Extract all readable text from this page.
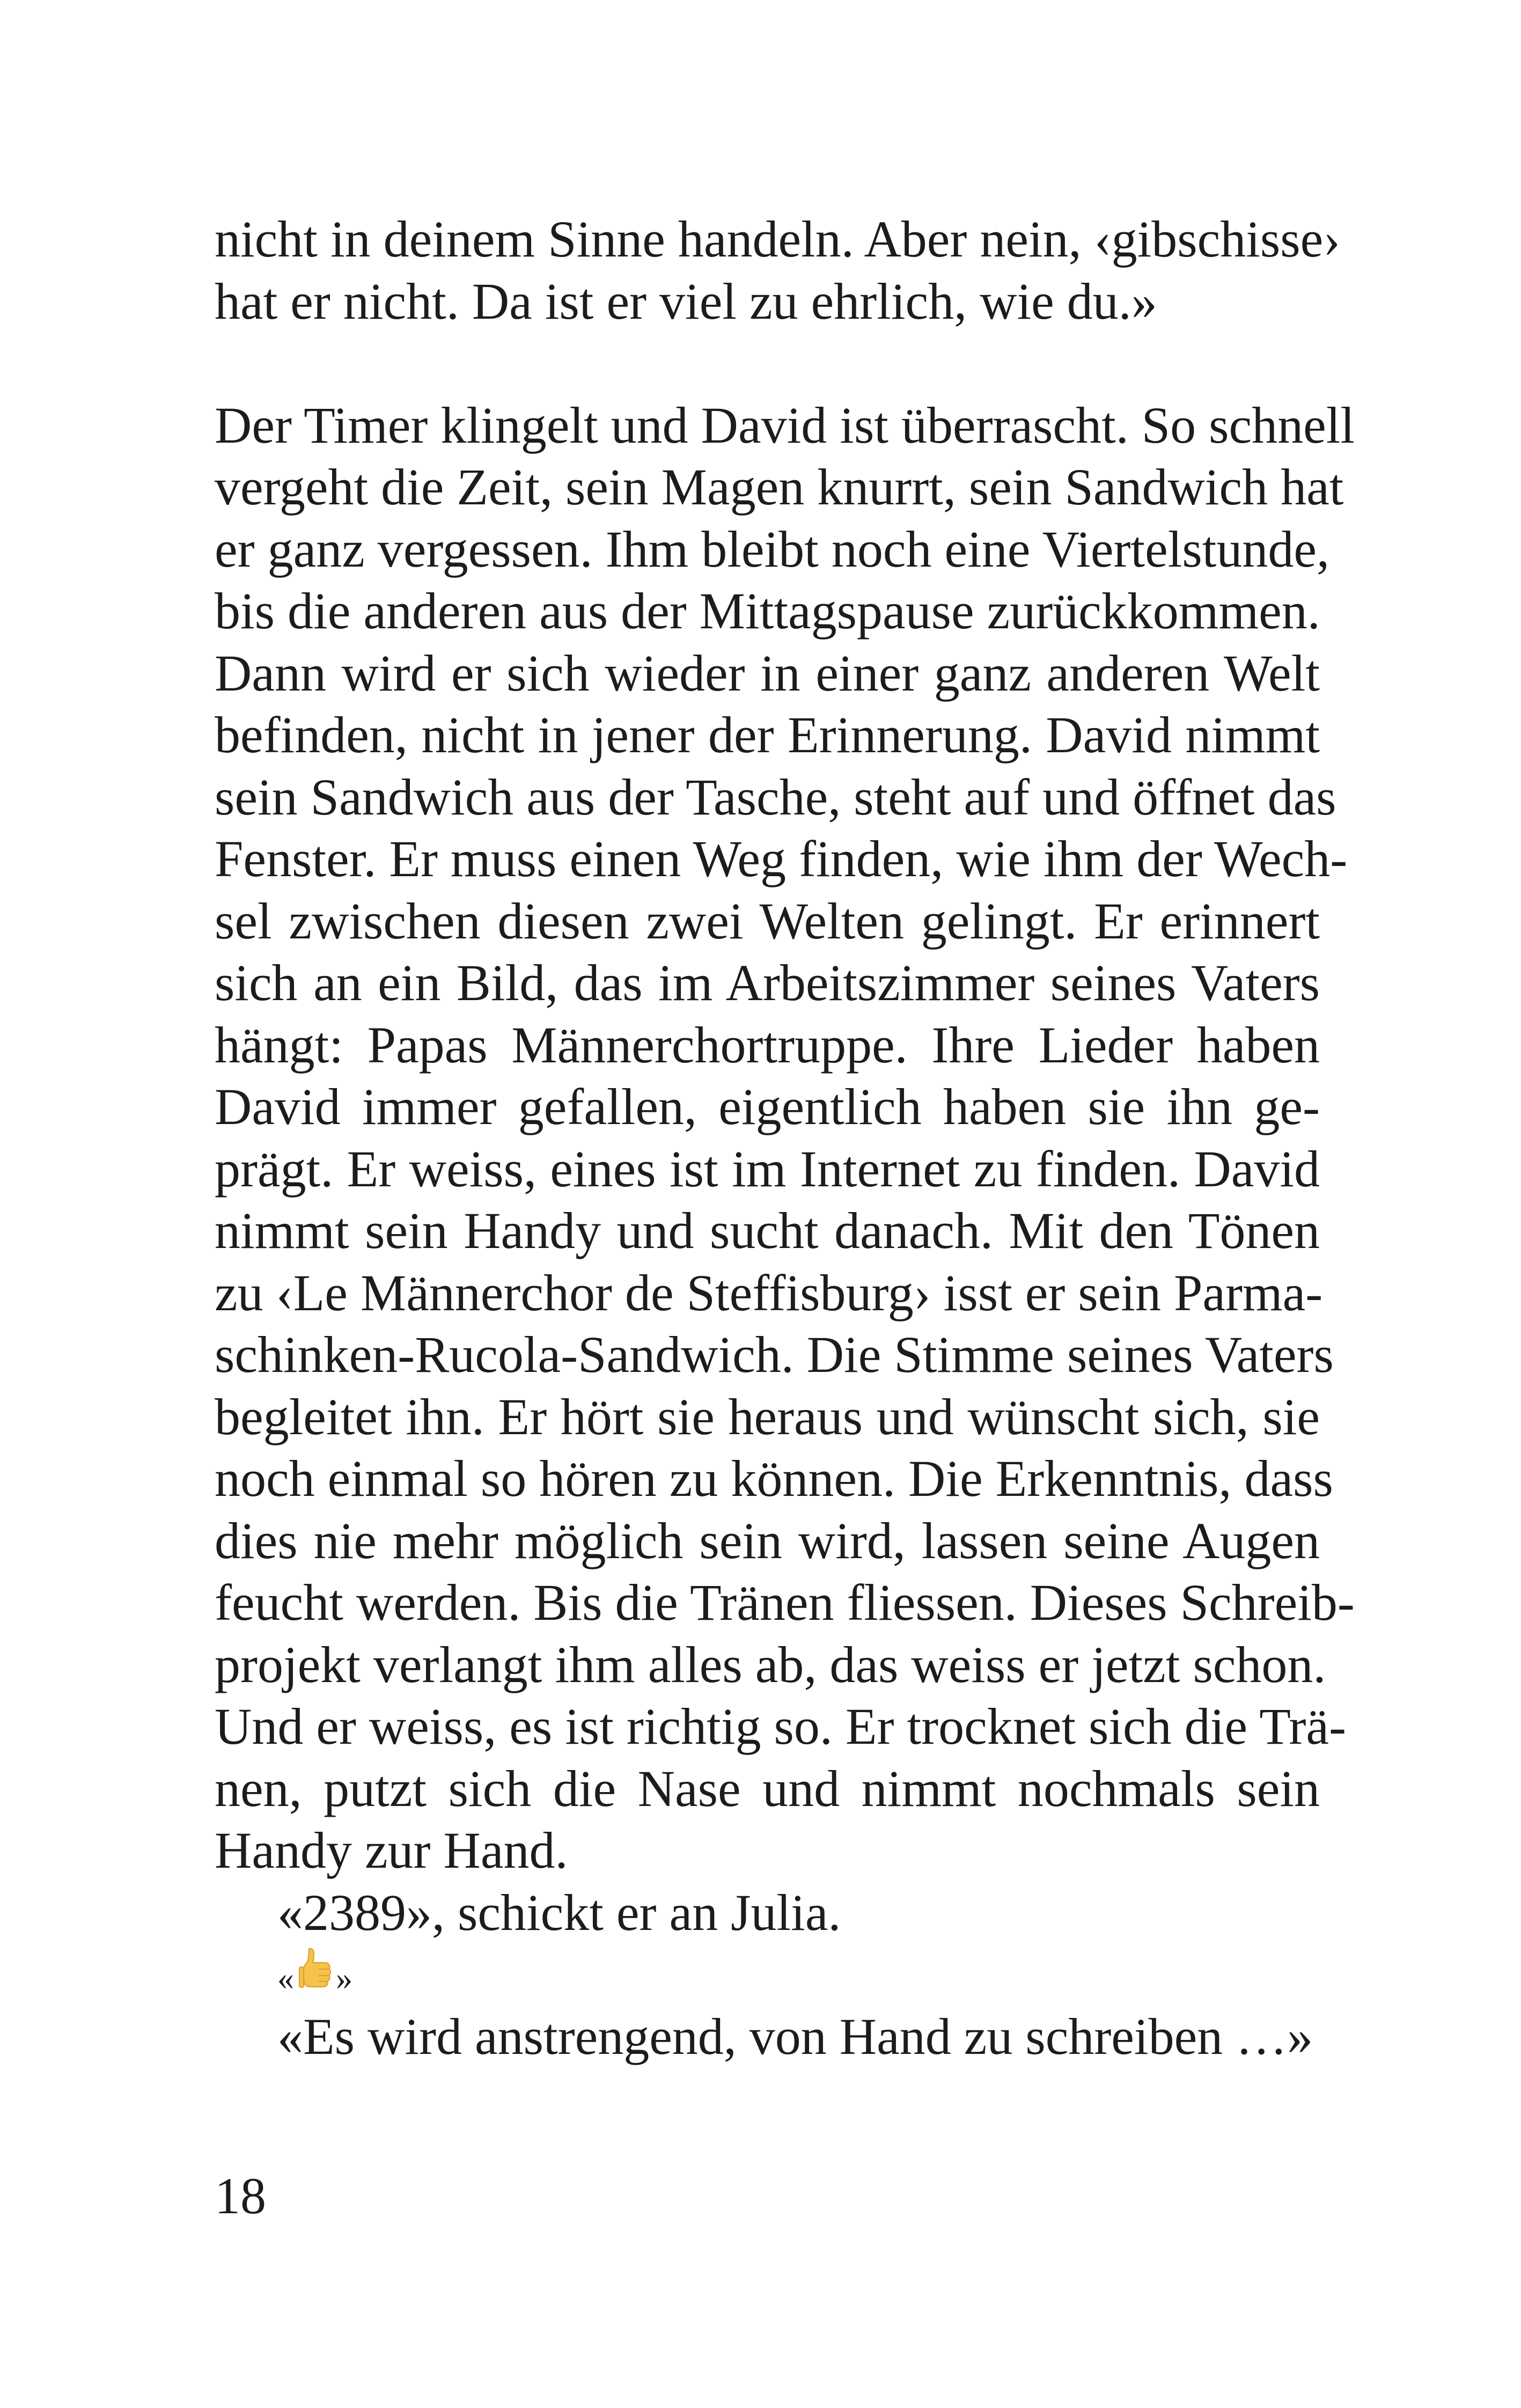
nicht in deinem Sinne handeln. Aber nein, ‹gibschisse›
hat er nicht. Da ist er viel zu ehrlich, wie du.»
Der Timer klingelt und David ist überrascht. So schnell
vergeht die Zeit, sein Magen knurrt, sein Sandwich hat
er ganz vergessen. Ihm bleibt noch eine Viertelstunde,
bis die anderen aus der Mittagspause zurückkommen.
Dann wird er sich wieder in einer ganz anderen Welt
befinden, nicht in jener der Erinnerung. David nimmt
sein Sandwich aus der Tasche, steht auf und öffnet das
Fenster. Er muss einen Weg finden, wie ihm der Wech-
sel zwischen diesen zwei Welten gelingt. Er erinnert
sich an ein Bild, das im Arbeitszimmer seines Vaters
hängt: Papas Männerchortruppe. Ihre Lieder haben
David immer gefallen, eigentlich haben sie ihn ge-
prägt. Er weiss, eines ist im Internet zu finden. David
nimmt sein Handy und sucht danach. Mit den Tönen
zu ‹Le Männerchor de Steffisburg› isst er sein Parma-
schinken-Rucola-Sandwich. Die Stimme seines Vaters
begleitet ihn. Er hört sie heraus und wünscht sich, sie
noch einmal so hören zu können. Die Erkenntnis, dass
dies nie mehr möglich sein wird, lassen seine Augen
feucht werden. Bis die Tränen fliessen. Dieses Schreib-
projekt verlangt ihm alles ab, das weiss er jetzt schon.
Und er weiss, es ist richtig so. Er trocknet sich die Trä-
nen, putzt sich die Nase und nimmt nochmals sein
Handy zur Hand.
«2389», schickt er an Julia.
« »
«Es wird anstrengend, von Hand zu schreiben …»
18
